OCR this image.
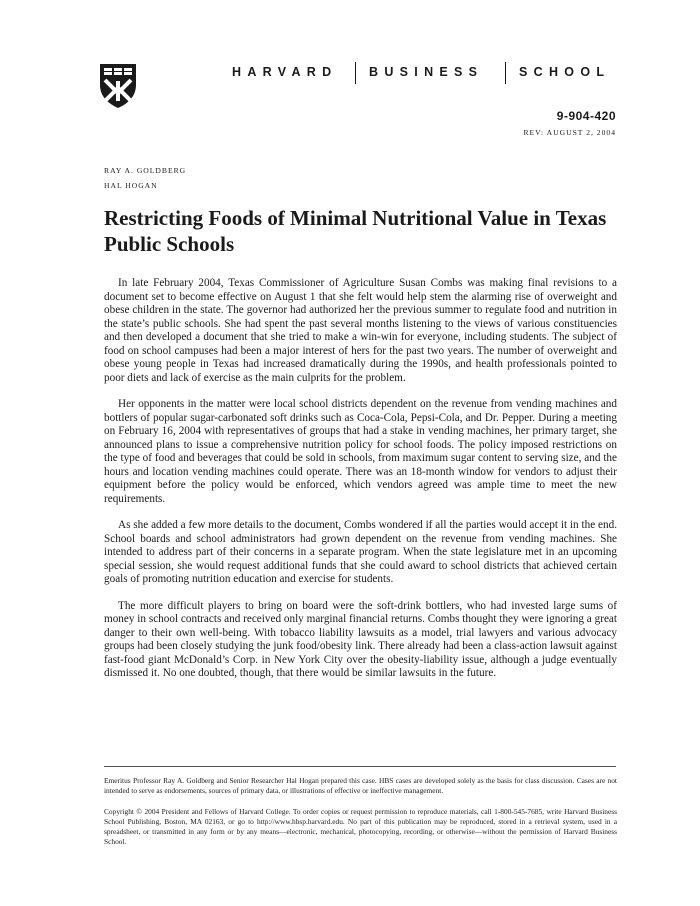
HARVARD	BUSINESS	SCHOOL
9-904-420
REV: AUGUST 2, 2004
RAY A. GOLDBERG
HAL HOGAN
Restricting Foods of Minimal Nutritional Value in Texas Public Schools

In late February 2004, Texas Commissioner of Agriculture Susan Combs was making final revisions to a document set to become effective on August 1 that she felt would help stem the alarming rise of overweight and obese children in the state. The governor had authorized her the previous summer to regulate food and nutrition in the state’s public schools. She had spent the past several months listening to the views of various constituencies and then developed a document that she tried to make a win-win for everyone, including students. The subject of food on school campuses had been a major interest of hers for the past two years. The number of overweight and obese young people in Texas had increased dramatically during the 1990s, and health professionals pointed to poor diets and lack of exercise as the main culprits for the problem.

Her opponents in the matter were local school districts dependent on the revenue from vending machines and bottlers of popular sugar-carbonated soft drinks such as Coca-Cola, Pepsi-Cola, and Dr. Pepper. During a meeting on February 16, 2004 with representatives of groups that had a stake in vending machines, her primary target, she announced plans to issue a comprehensive nutrition policy for school foods. The policy imposed restrictions on the type of food and beverages that could be sold in schools, from maximum sugar content to serving size, and the hours and location vending machines could operate. There was an 18-month window for vendors to adjust their equipment before the policy would be enforced, which vendors agreed was ample time to meet the new requirements.

As she added a few more details to the document, Combs wondered if all the parties would accept it in the end. School boards and school administrators had grown dependent on the revenue from vending machines. She intended to address part of their concerns in a separate program. When the state legislature met in an upcoming special session, she would request additional funds that she could award to school districts that achieved certain goals of promoting nutrition education and exercise for students.

The more difficult players to bring on board were the soft-drink bottlers, who had invested large sums of money in school contracts and received only marginal financial returns. Combs thought they were ignoring a great danger to their own well-being. With tobacco liability lawsuits as a model, trial lawyers and various advocacy groups had been closely studying the junk food/obesity link. There already had been a class-action lawsuit against fast-food giant McDonald’s Corp. in New York City over the obesity-liability issue, although a judge eventually dismissed it. No one doubted, though, that there would be similar lawsuits in the future.

Emeritus Professor Ray A. Goldberg and Senior Researcher Hal Hogan prepared this case. HBS cases are developed solely as the basis for class discussion. Cases are not intended to serve as endorsements, sources of primary data, or illustrations of effective or ineffective management.
Copyright © 2004 President and Fellows of Harvard College. To order copies or request permission to reproduce materials, call 1-800-545-7685, write Harvard Business School Publishing, Boston, MA 02163, or go to http://www.hbsp.harvard.edu. No part of this publication may be reproduced, stored in a retrieval system, used in a spreadsheet, or transmitted in any form or by any means—electronic, mechanical, photocopying, recording, or otherwise—without the permission of Harvard Business School.
